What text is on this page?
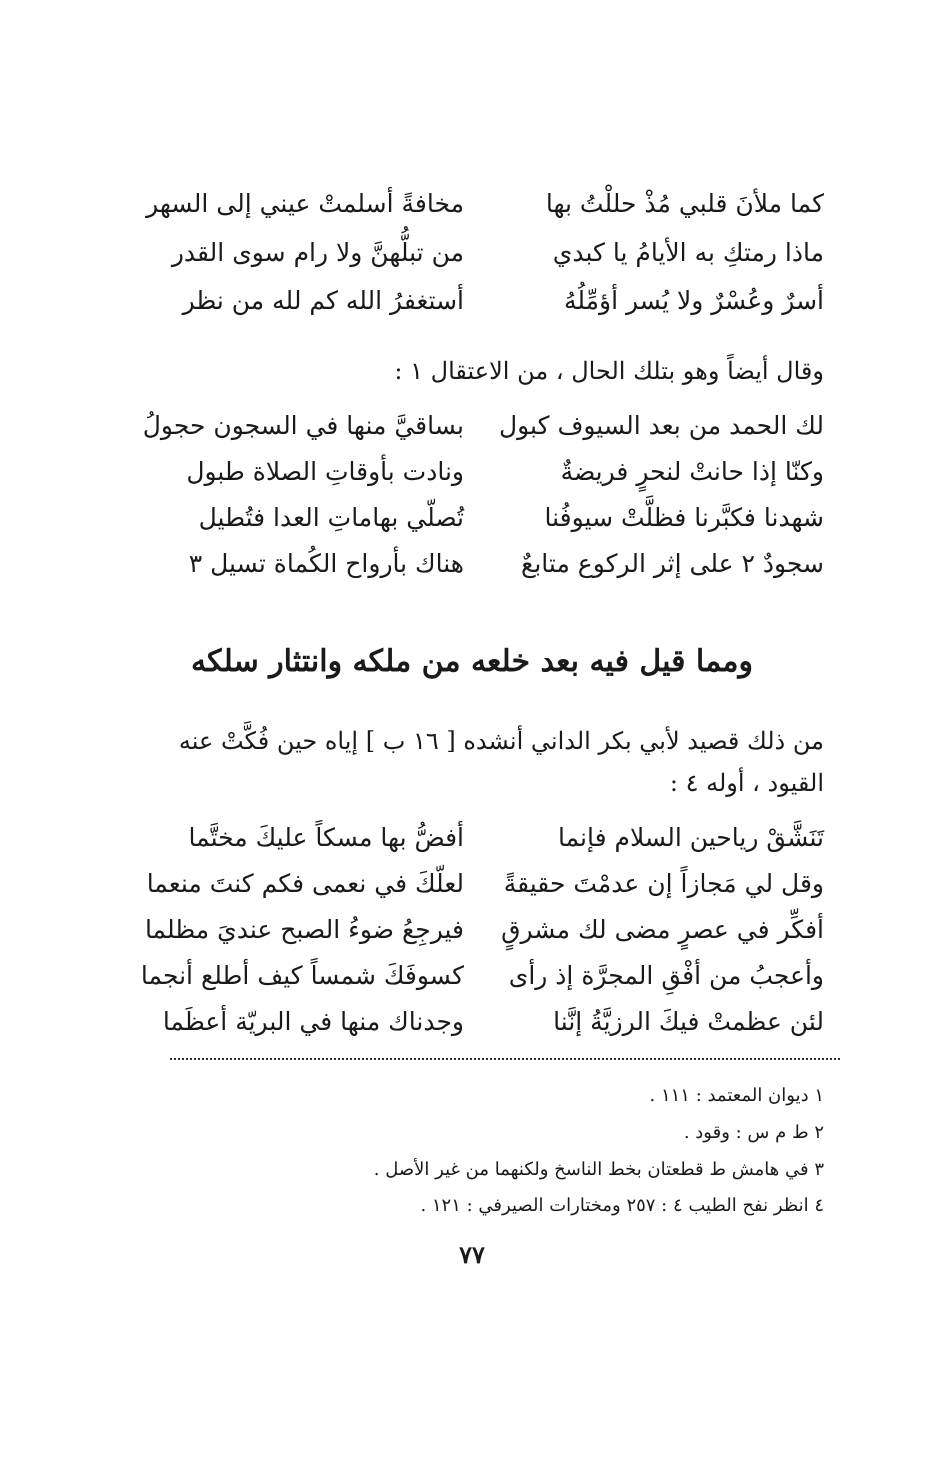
كما ملأنَ قلبي مُذْ حللْتُ بها
مخافةً أسلمتْ عيني إلى السهر
ماذا رمتكِ به الأيامُ يا كبدي
من تبلُّهنَّ ولا رام سوى القدر
أسرٌ وعُسْرٌ ولا يُسر أؤمِّلُهُ
أستغفرُ الله كم لله من نظر
وقال أيضاً وهو بتلك الحال ، من الاعتقال ١ :
لك الحمد من بعد السيوف كبول
بساقيَّ منها في السجون حجولُ
وكنّا إذا حانتْ لنحرٍ فريضةٌ
ونادت بأوقاتِ الصلاة طبول
شهدنا فكبَّرنا فظلَّتْ سيوفُنا
تُصلّي بهاماتِ العدا فتُطيل
سجودٌ ٢ على إثر الركوع متابعٌ
هناك بأرواح الكُماة تسيل ٣
ومما قيل فيه بعد خلعه من ملكه وانتثار سلكه
من ذلك قصيد لأبي بكر الداني أنشده [ ١٦ ب ] إياه حين فُكَّتْ عنه
القيود ، أوله ٤ :
تَنَشَّقْ رياحين السلام فإنما
أفضُّ بها مسكاً عليكَ مختَّما
وقل لي مَجازاً إن عدمْتَ حقيقةً
لعلّكَ في نعمى فكم كنتَ منعما
أفكِّر في عصرٍ مضى لك مشرقٍ
فيرجِعُ ضوءُ الصبح عنديَ مظلما
وأعجبُ من أفْقِ المجرَّة إذ رأى
كسوفَكَ شمساً كيف أطلع أنجما
لئن عظمتْ فيكَ الرزيَّةُ إنَّنا
وجدناك منها في البريّة أعظَما
١ ديوان المعتمد : ١١١ .
٢ ط م س : وقود .
٣ في هامش ط قطعتان بخط الناسخ ولكنهما من غير الأصل .
٤ انظر نفح الطيب ٤ : ٢٥٧ ومختارات الصيرفي : ١٢١ .
٧٧
